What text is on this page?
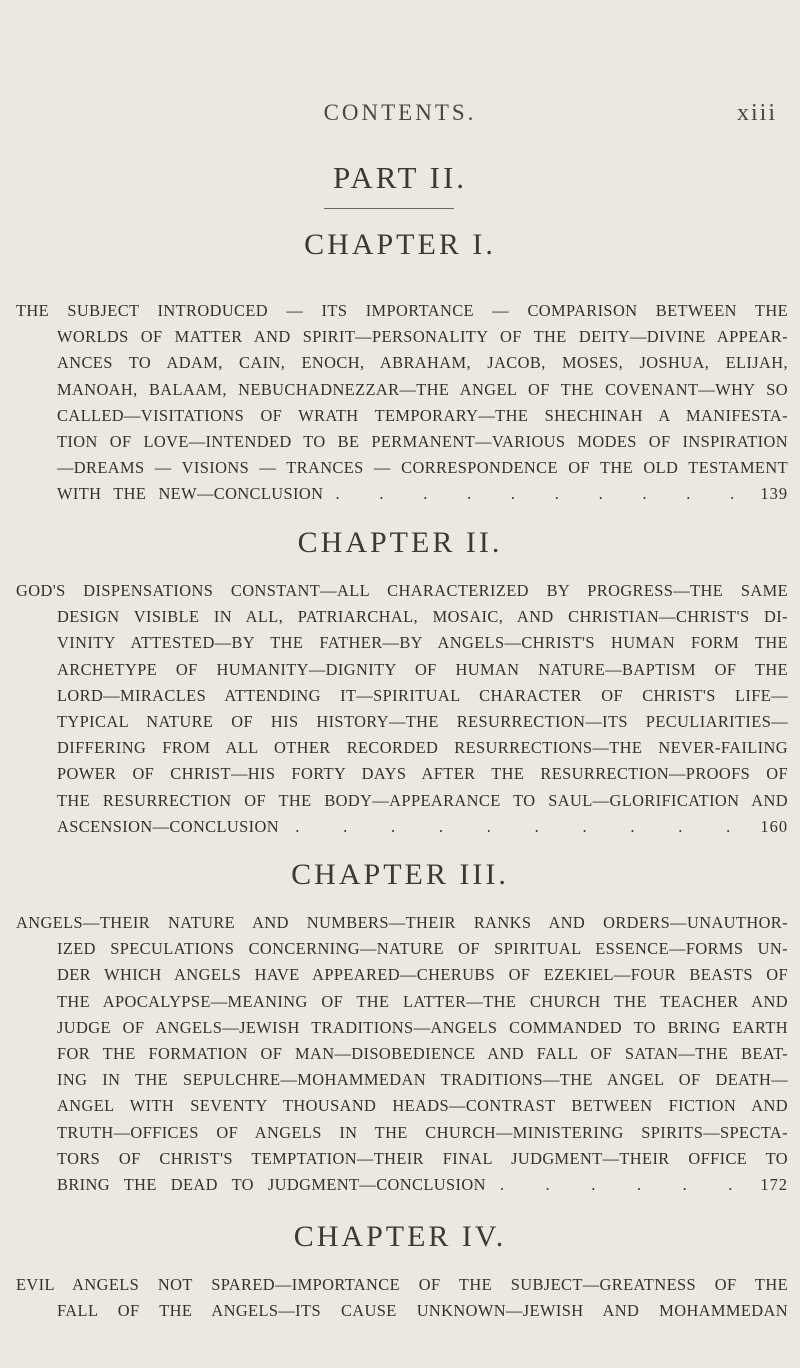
CONTENTS.	xiii
PART II.
CHAPTER I.
THE SUBJECT INTRODUCED — ITS IMPORTANCE — COMPARISON BETWEEN THE
WORLDS OF MATTER AND SPIRIT—PERSONALITY OF THE DEITY—DIVINE APPEAR-
ANCES TO ADAM, CAIN, ENOCH, ABRAHAM, JACOB, MOSES, JOSHUA, ELIJAH,
MANOAH, BALAAM, NEBUCHADNEZZAR—THE ANGEL OF THE COVENANT—WHY SO
CALLED—VISITATIONS OF WRATH TEMPORARY—THE SHECHINAH A MANIFESTA-
TION OF LOVE—INTENDED TO BE PERMANENT—VARIOUS MODES OF INSPIRATION
—DREAMS — VISIONS — TRANCES — CORRESPONDENCE OF THE OLD TESTAMENT
WITH THE NEW—CONCLUSION . . . . . . . . . . 139
CHAPTER II.
GOD'S DISPENSATIONS CONSTANT—ALL CHARACTERIZED BY PROGRESS—THE SAME
DESIGN VISIBLE IN ALL, PATRIARCHAL, MOSAIC, AND CHRISTIAN—CHRIST'S DI-
VINITY ATTESTED—BY THE FATHER—BY ANGELS—CHRIST'S HUMAN FORM THE
ARCHETYPE OF HUMANITY—DIGNITY OF HUMAN NATURE—BAPTISM OF THE
LORD—MIRACLES ATTENDING IT—SPIRITUAL CHARACTER OF CHRIST'S LIFE—
TYPICAL NATURE OF HIS HISTORY—THE RESURRECTION—ITS PECULIARITIES—
DIFFERING FROM ALL OTHER RECORDED RESURRECTIONS—THE NEVER-FAILING
POWER OF CHRIST—HIS FORTY DAYS AFTER THE RESURRECTION—PROOFS OF
THE RESURRECTION OF THE BODY—APPEARANCE TO SAUL—GLORIFICATION AND
ASCENSION—CONCLUSION . . . . . . . . . . 160
CHAPTER III.
ANGELS—THEIR NATURE AND NUMBERS—THEIR RANKS AND ORDERS—UNAUTHOR-
IZED SPECULATIONS CONCERNING—NATURE OF SPIRITUAL ESSENCE—FORMS UN-
DER WHICH ANGELS HAVE APPEARED—CHERUBS OF EZEKIEL—FOUR BEASTS OF
THE APOCALYPSE—MEANING OF THE LATTER—THE CHURCH THE TEACHER AND
JUDGE OF ANGELS—JEWISH TRADITIONS—ANGELS COMMANDED TO BRING EARTH
FOR THE FORMATION OF MAN—DISOBEDIENCE AND FALL OF SATAN—THE BEAT-
ING IN THE SEPULCHRE—MOHAMMEDAN TRADITIONS—THE ANGEL OF DEATH—
ANGEL WITH SEVENTY THOUSAND HEADS—CONTRAST BETWEEN FICTION AND
TRUTH—OFFICES OF ANGELS IN THE CHURCH—MINISTERING SPIRITS—SPECTA-
TORS OF CHRIST'S TEMPTATION—THEIR FINAL JUDGMENT—THEIR OFFICE TO
BRING THE DEAD TO JUDGMENT—CONCLUSION . . . . . . 172
CHAPTER IV.
EVIL ANGELS NOT SPARED—IMPORTANCE OF THE SUBJECT—GREATNESS OF THE
FALL OF THE ANGELS—ITS CAUSE UNKNOWN—JEWISH AND MOHAMMEDAN
